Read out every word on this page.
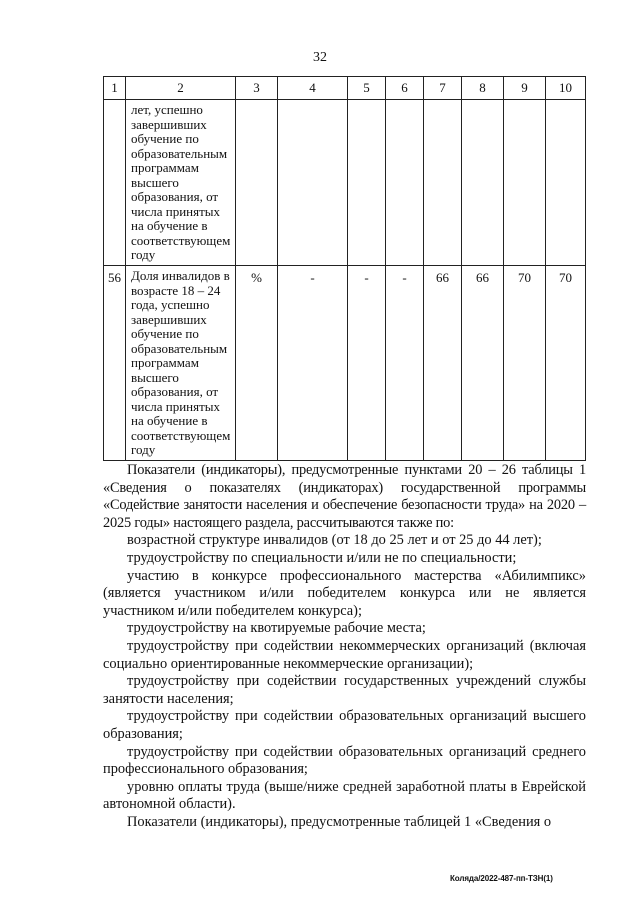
32
1	2	3	4	5	6	7	8	9	10
	лет, успешно завершивших обучение по образовательным программам высшего образования, от числа принятых на обучение в соответствующем году								
56	Доля инвалидов в возрасте 18 – 24 года, успешно завершивших обучение по образовательным программам высшего образования, от числа принятых на обучение в соответствующем году	%	-	-	-	66	66	70	70

Показатели (индикаторы), предусмотренные пунктами 20 – 26 таблицы 1 «Сведения о показателях (индикаторах) государственной программы «Содействие занятости населения и обеспечение безопасности труда» на 2020 – 2025 годы» настоящего раздела, рассчитываются также по:

возрастной структуре инвалидов (от 18 до 25 лет и от 25 до 44 лет);

трудоустройству по специальности и/или не по специальности;

участию в конкурсе профессионального мастерства «Абилимпикс» (является участником и/или победителем конкурса или не является участником и/или победителем конкурса);

трудоустройству на квотируемые рабочие места;

трудоустройству при содействии некоммерческих организаций (включая социально ориентированные некоммерческие организации);

трудоустройству при содействии государственных учреждений службы занятости населения;

трудоустройству при содействии образовательных организаций высшего образования;

трудоустройству при содействии образовательных организаций среднего профессионального образования;

уровню оплаты труда (выше/ниже средней заработной платы в Еврейской автономной области).

Показатели (индикаторы), предусмотренные таблицей 1 «Сведения о

Коляда/2022-487-пп-ТЗН(1)
